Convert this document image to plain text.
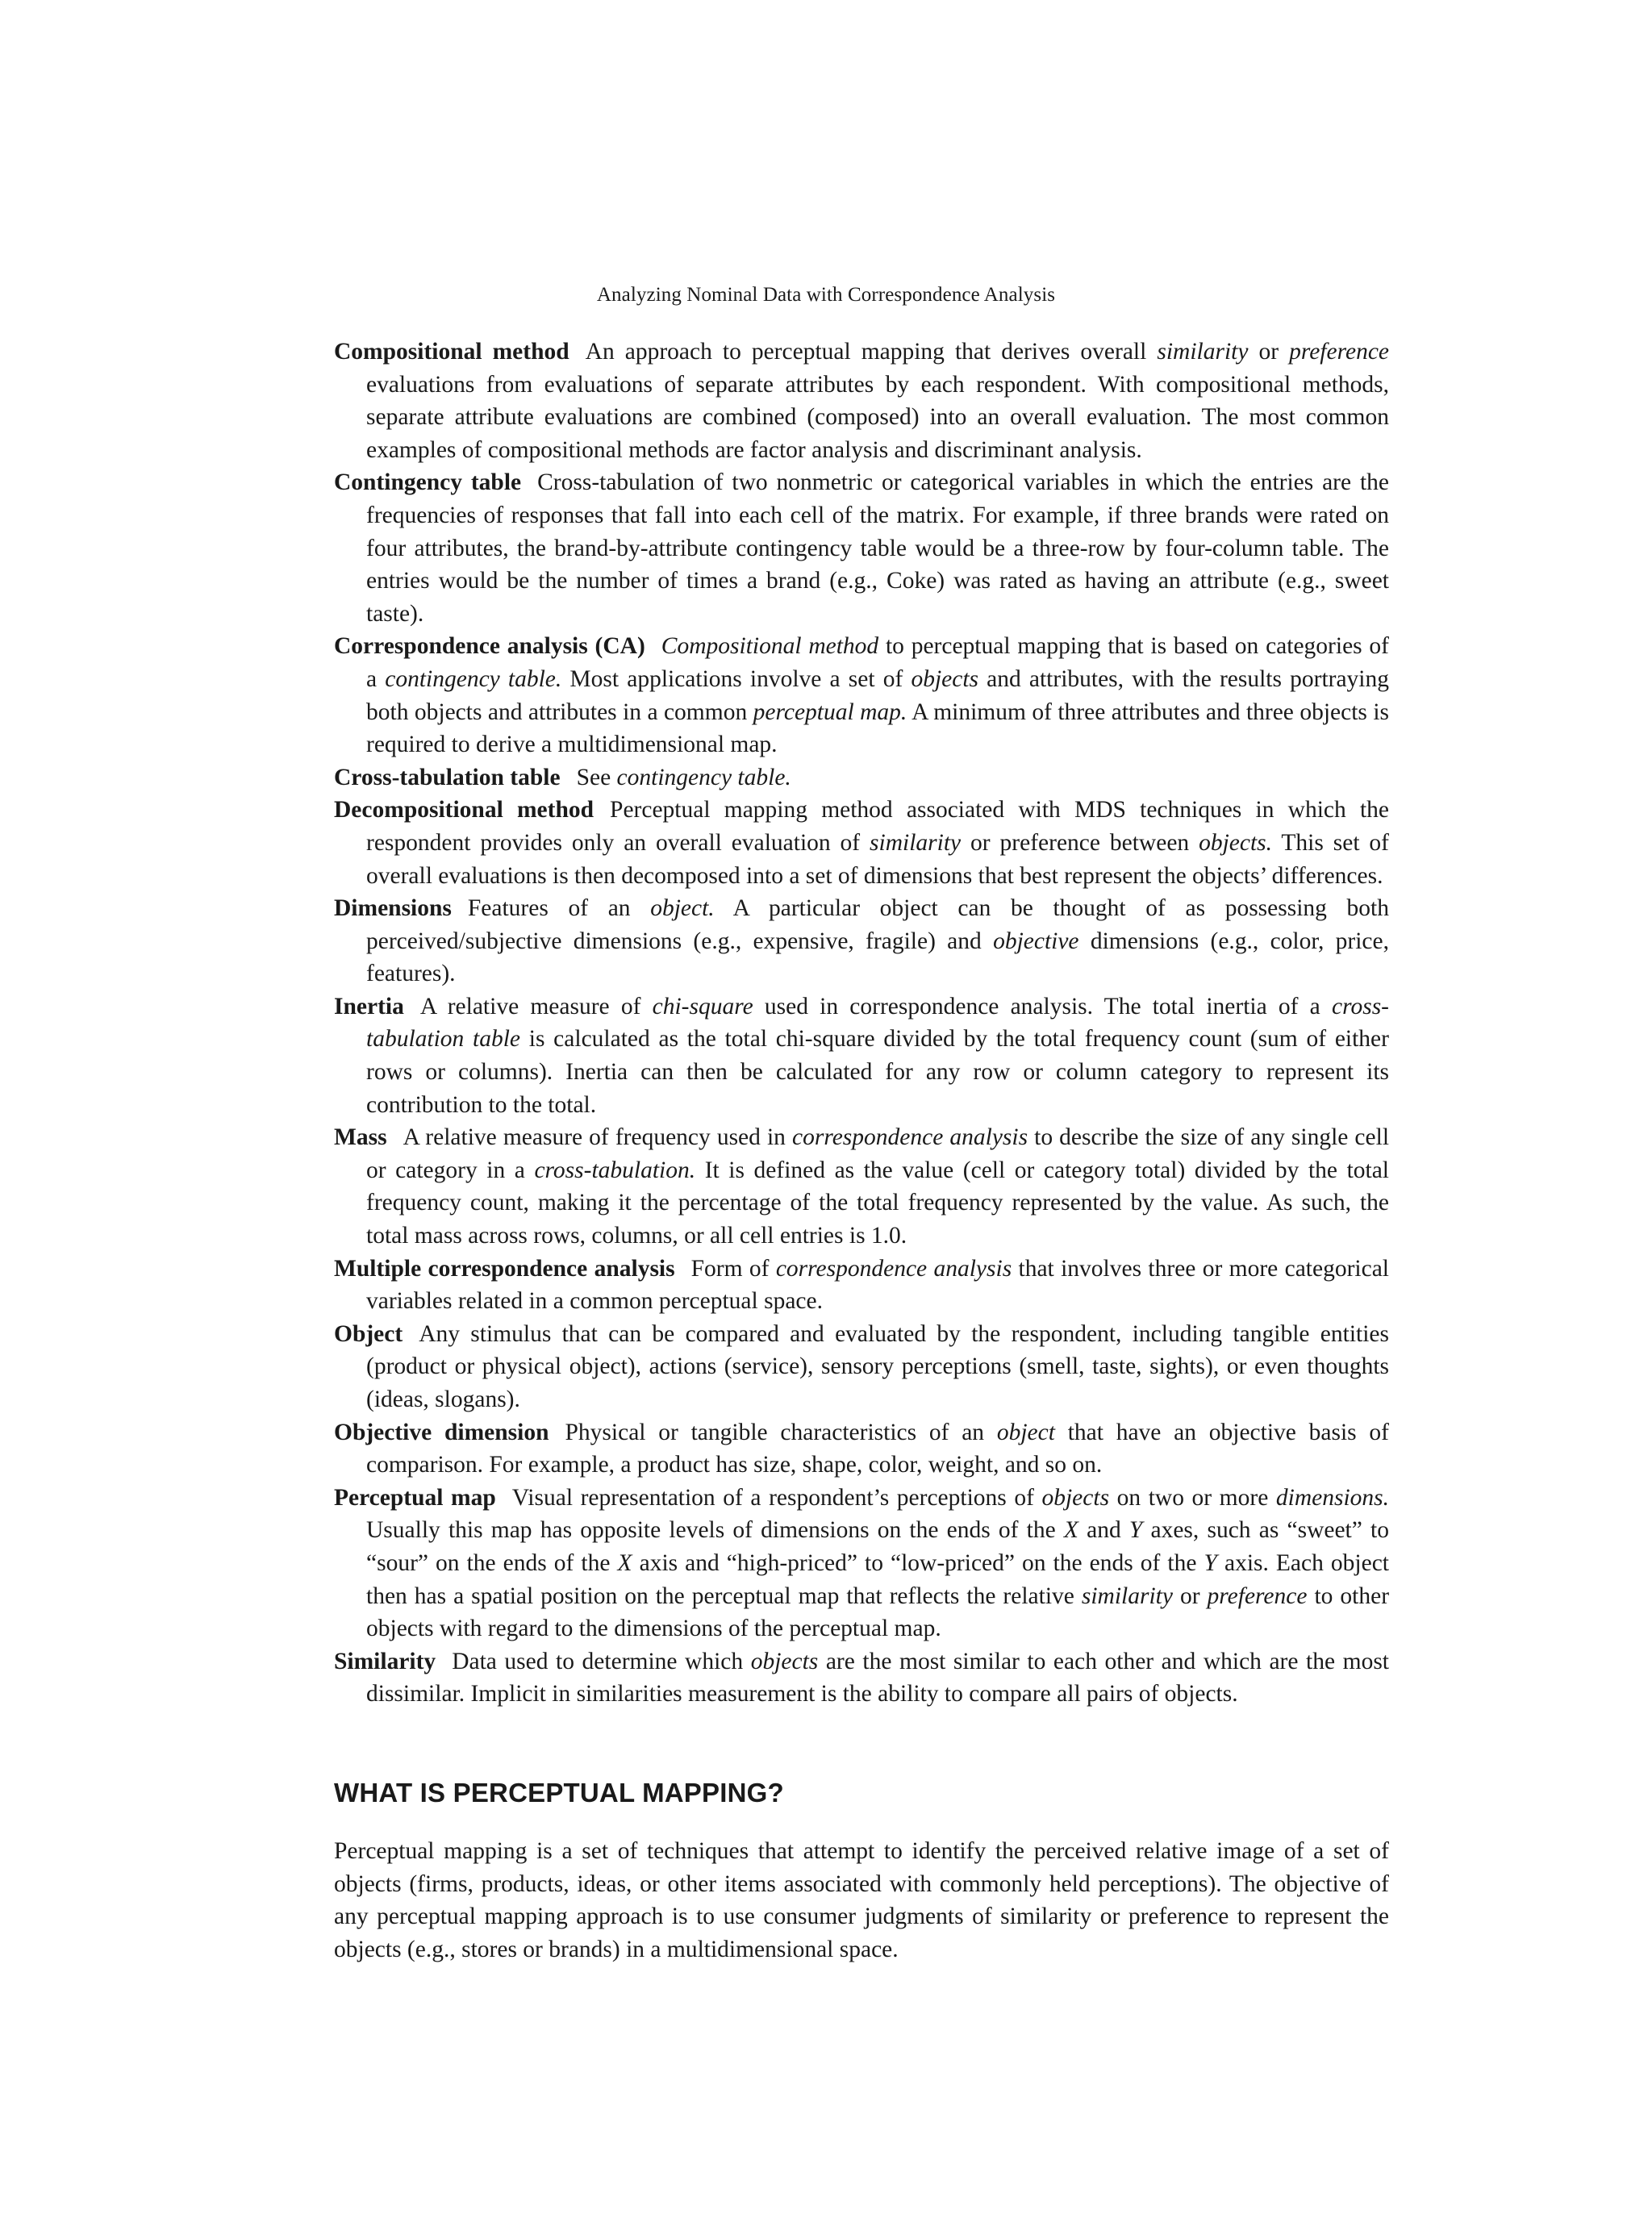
Analyzing Nominal Data with Correspondence Analysis
Compositional method An approach to perceptual mapping that derives overall similarity or preference evaluations from evaluations of separate attributes by each respondent. With compositional methods, separate attribute evaluations are combined (composed) into an overall evaluation. The most common examples of compositional methods are factor analysis and discriminant analysis.
Contingency table Cross-tabulation of two nonmetric or categorical variables in which the entries are the frequencies of responses that fall into each cell of the matrix. For example, if three brands were rated on four attributes, the brand-by-attribute contingency table would be a three-row by four-column table. The entries would be the number of times a brand (e.g., Coke) was rated as having an attribute (e.g., sweet taste).
Correspondence analysis (CA) Compositional method to perceptual mapping that is based on categories of a contingency table. Most applications involve a set of objects and attributes, with the results portraying both objects and attributes in a common perceptual map. A minimum of three attributes and three objects is required to derive a multidimensional map.
Cross-tabulation table See contingency table.
Decompositional method Perceptual mapping method associated with MDS techniques in which the respondent provides only an overall evaluation of similarity or preference between objects. This set of overall evaluations is then decomposed into a set of dimensions that best represent the objects’ differences.
Dimensions Features of an object. A particular object can be thought of as possessing both perceived/subjective dimensions (e.g., expensive, fragile) and objective dimensions (e.g., color, price, features).
Inertia A relative measure of chi-square used in correspondence analysis. The total inertia of a cross-tabulation table is calculated as the total chi-square divided by the total frequency count (sum of either rows or columns). Inertia can then be calculated for any row or column category to represent its contribution to the total.
Mass A relative measure of frequency used in correspondence analysis to describe the size of any single cell or category in a cross-tabulation. It is defined as the value (cell or category total) divided by the total frequency count, making it the percentage of the total frequency represented by the value. As such, the total mass across rows, columns, or all cell entries is 1.0.
Multiple correspondence analysis Form of correspondence analysis that involves three or more categorical variables related in a common perceptual space.
Object Any stimulus that can be compared and evaluated by the respondent, including tangible entities (product or physical object), actions (service), sensory perceptions (smell, taste, sights), or even thoughts (ideas, slogans).
Objective dimension Physical or tangible characteristics of an object that have an objective basis of comparison. For example, a product has size, shape, color, weight, and so on.
Perceptual map Visual representation of a respondent’s perceptions of objects on two or more dimensions. Usually this map has opposite levels of dimensions on the ends of the X and Y axes, such as “sweet” to “sour” on the ends of the X axis and “high-priced” to “low-priced” on the ends of the Y axis. Each object then has a spatial position on the perceptual map that reflects the relative similarity or preference to other objects with regard to the dimensions of the perceptual map.
Similarity Data used to determine which objects are the most similar to each other and which are the most dissimilar. Implicit in similarities measurement is the ability to compare all pairs of objects.
WHAT IS PERCEPTUAL MAPPING?

Perceptual mapping is a set of techniques that attempt to identify the perceived relative image of a set of objects (firms, products, ideas, or other items associated with commonly held perceptions). The objective of any perceptual mapping approach is to use consumer judgments of similarity or preference to represent the objects (e.g., stores or brands) in a multidimensional space.
